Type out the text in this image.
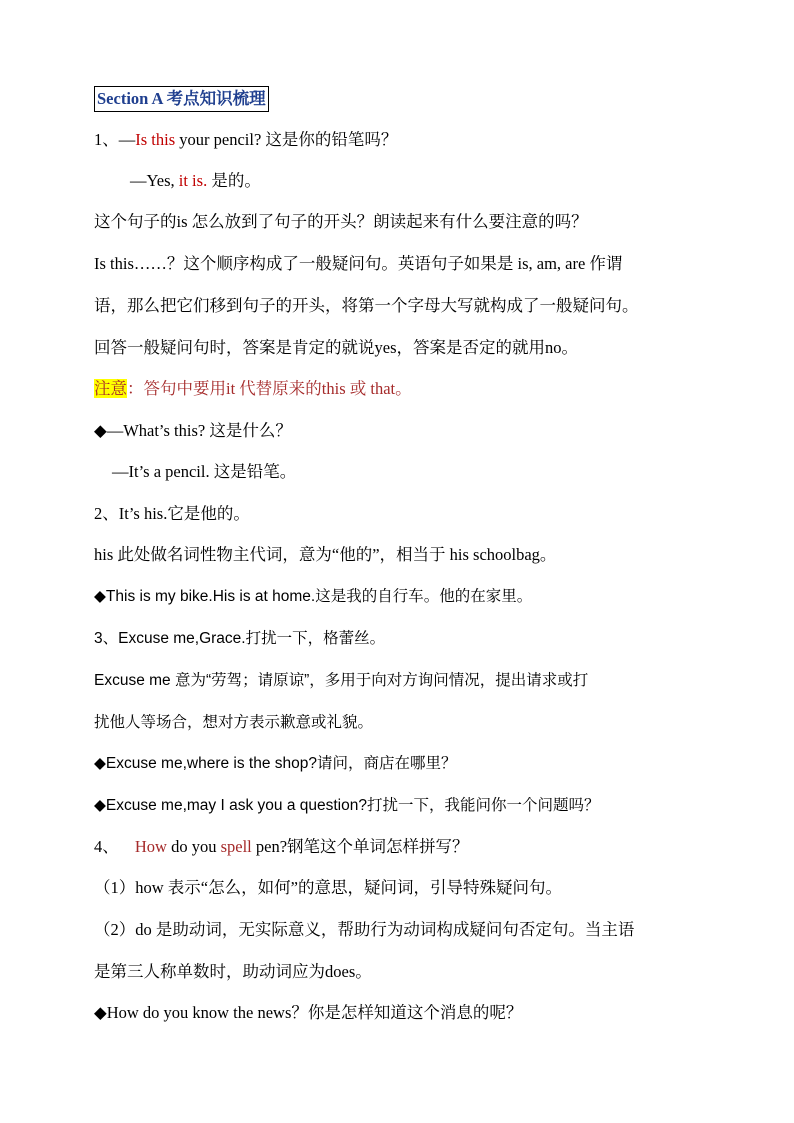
Section A 考点知识梳理
1、—Is this your pencil? 这是你的铅笔吗？
—Yes, it is. 是的。
这个句子的is 怎么放到了句子的开头？朗读起来有什么要注意的吗？
Is this……？这个顺序构成了一般疑问句。英语句子如果是 is, am, are 作谓
语，那么把它们移到句子的开头，将第一个字母大写就构成了一般疑问句。
回答一般疑问句时，答案是肯定的就说yes，答案是否定的就用no。
注意：答句中要用it 代替原来的this 或 that。
◆—What’s this? 这是什么？
—It’s a pencil. 这是铅笔。
2、It’s his.它是他的。
his 此处做名词性物主代词，意为“他的”，相当于 his schoolbag。
◆This is my bike.His is at home.这是我的自行车。他的在家里。
3、Excuse me,Grace.打扰一下，格蕾丝。
Excuse me 意为“劳驾；请原谅”，多用于向对方询问情况，提出请求或打
扰他人等场合，想对方表示歉意或礼貌。
◆Excuse me,where is the shop?请问，商店在哪里？
◆Excuse me,may I ask you a question?打扰一下，我能问你一个问题吗？
4、 How do you spell pen?钢笔这个单词怎样拼写？
（1）how 表示“怎么，如何”的意思，疑问词，引导特殊疑问句。
（2）do 是助动词，无实际意义，帮助行为动词构成疑问句否定句。当主语
是第三人称单数时，助动词应为does。
◆How do you know the news？你是怎样知道这个消息的呢？
